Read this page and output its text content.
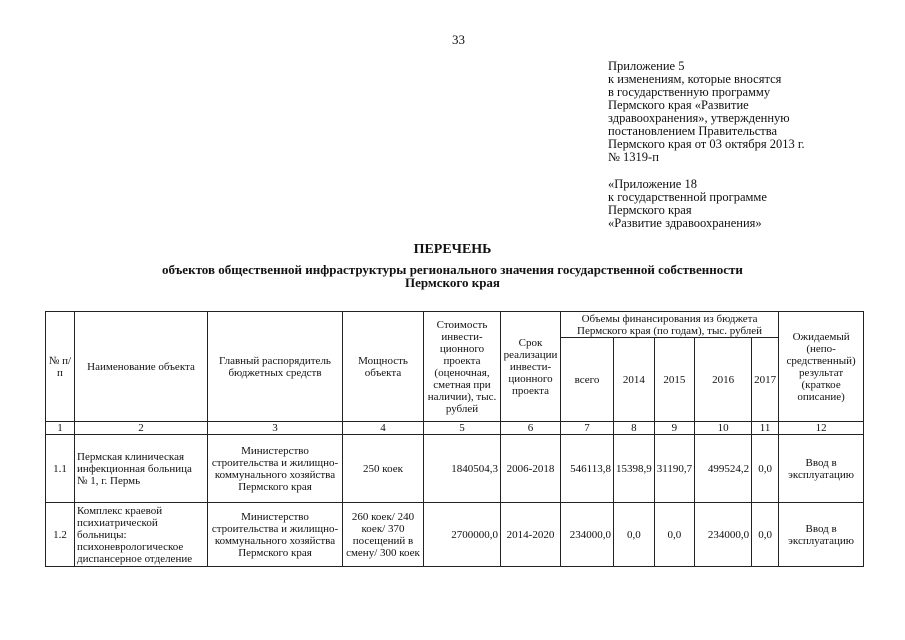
33
Приложение 5
к изменениям, которые вносятся
в государственную программу
Пермского края «Развитие
здравоохранения», утвержденную
постановлением Правительства
Пермского края от 03 октября 2013 г.
№ 1319-п
«Приложение 18
к государственной программе
Пермского края
«Развитие здравоохранения»
ПЕРЕЧЕНЬ
объектов общественной инфраструктуры регионального значения государственной собственности
Пермского края
№ п/п	Наименование объекта	Главный распорядитель бюджетных средств	Мощность объекта	Стоимость инвести-ционного проекта (оценочная, сметная при наличии), тыс. рублей	Срок реализации инвести-ционного проекта	Объемы финансирования из бюджета Пермского края (по годам), тыс. рублей					Ожидаемый (непо-средственный) результат (краткое описание)
						всего	2014	2015	2016	2017	
1	2	3	4	5	6	7	8	9	10	11	12
1.1	Пермская клиническая инфекционная больница № 1, г. Пермь	Министерство строительства и жилищно-коммунального хозяйства Пермского края	250 коек	1840504,3	2006-2018	546113,8	15398,9	31190,7	499524,2	0,0	Ввод в эксплуатацию
1.2	Комплекс краевой психиатрической больницы: психоневрологическое диспансерное отделение	Министерство строительства и жилищно-коммунального хозяйства Пермского края	260 коек/ 240 коек/ 370 посещений в смену/ 300 коек	2700000,0	2014-2020	234000,0	0,0	0,0	234000,0	0,0	Ввод в эксплуатацию
